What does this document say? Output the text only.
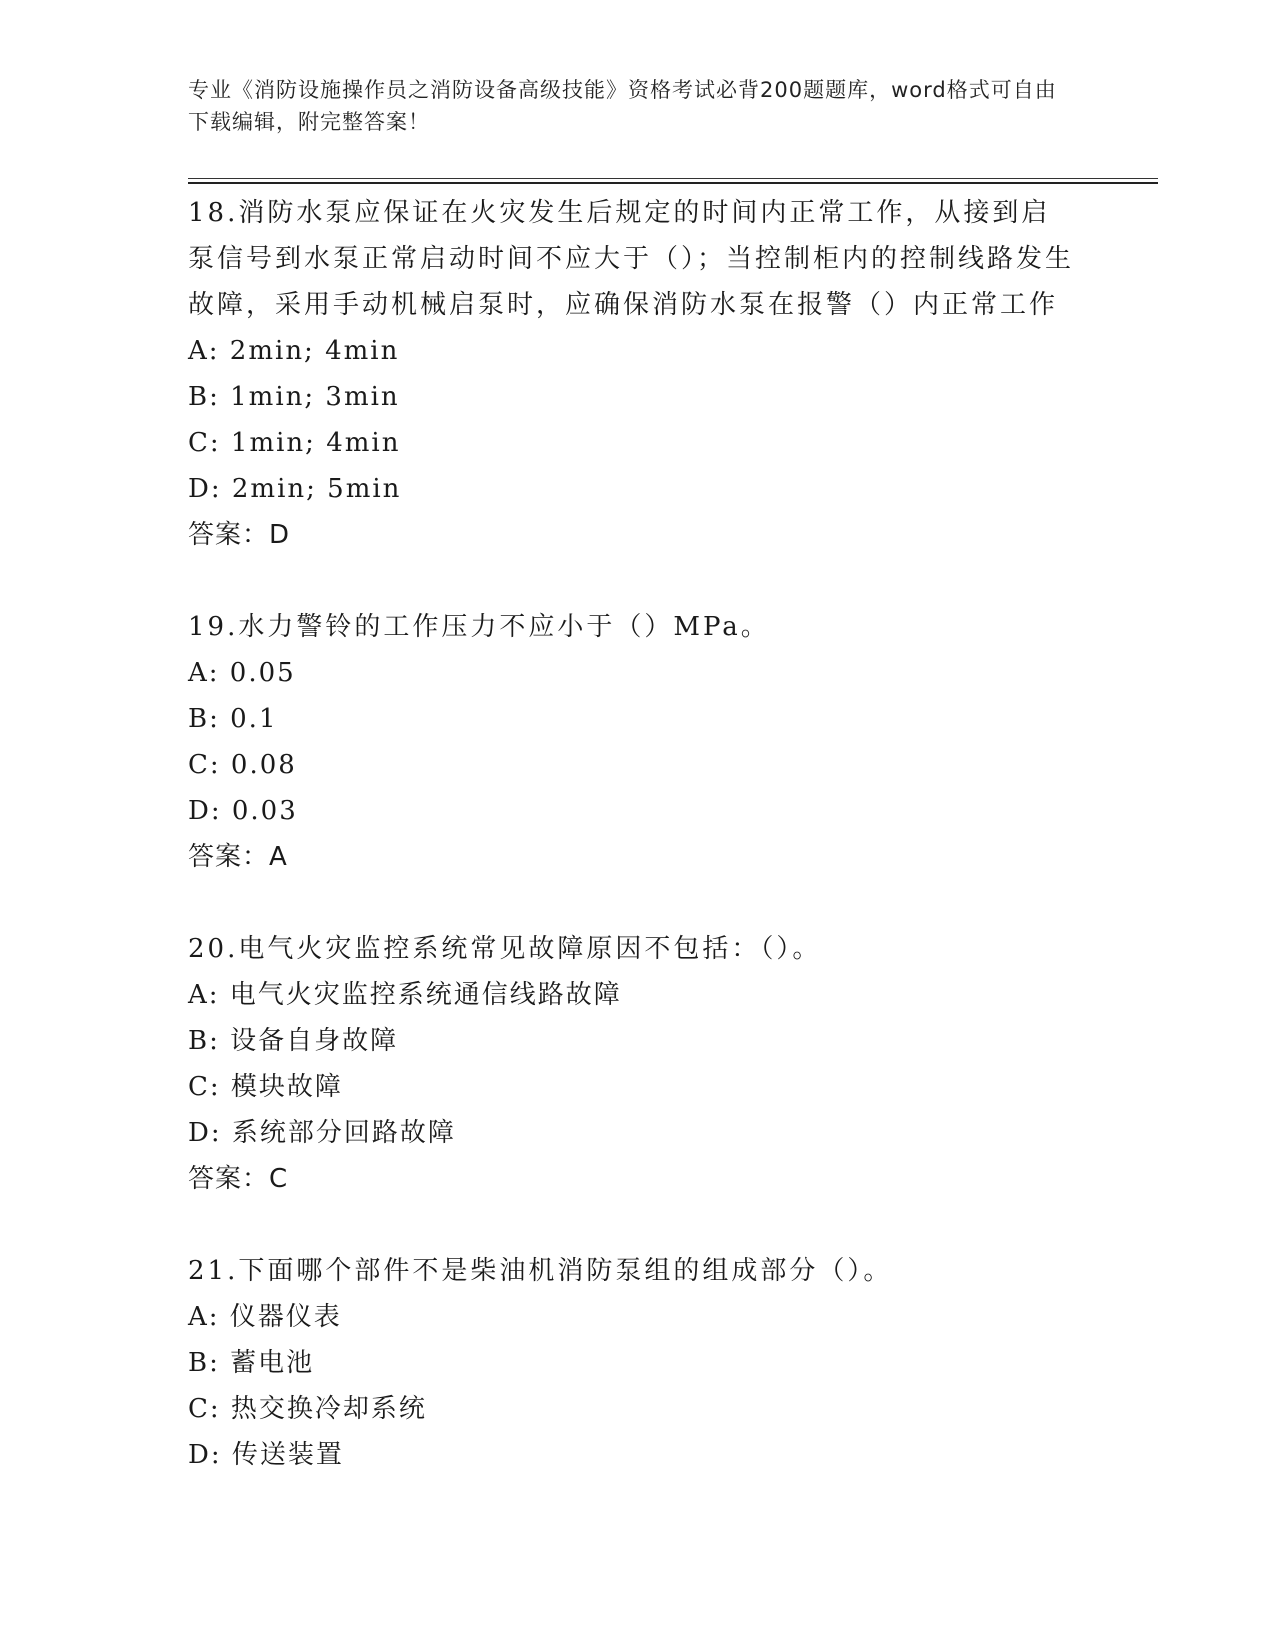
专业《消防设施操作员之消防设备高级技能》资格考试必背200题题库，word格式可自由下载编辑，附完整答案！

18.消防水泵应保证在火灾发生后规定的时间内正常工作，从接到启泵信号到水泵正常启动时间不应大于（）；当控制柜内的控制线路发生故障，采用手动机械启泵时，应确保消防水泵在报警（）内正常工作

A: 2min; 4min

B: 1min; 3min

C: 1min; 4min

D: 2min; 5min

答案：D

19.水力警铃的工作压力不应小于（）MPa。

A: 0.05

B: 0.1

C: 0.08

D: 0.03

答案：A

20.电气火灾监控系统常见故障原因不包括：（）。

A: 电气火灾监控系统通信线路故障

B: 设备自身故障

C: 模块故障

D: 系统部分回路故障

答案：C

21.下面哪个部件不是柴油机消防泵组的组成部分（）。

A: 仪器仪表

B: 蓄电池

C: 热交换冷却系统

D: 传送装置
